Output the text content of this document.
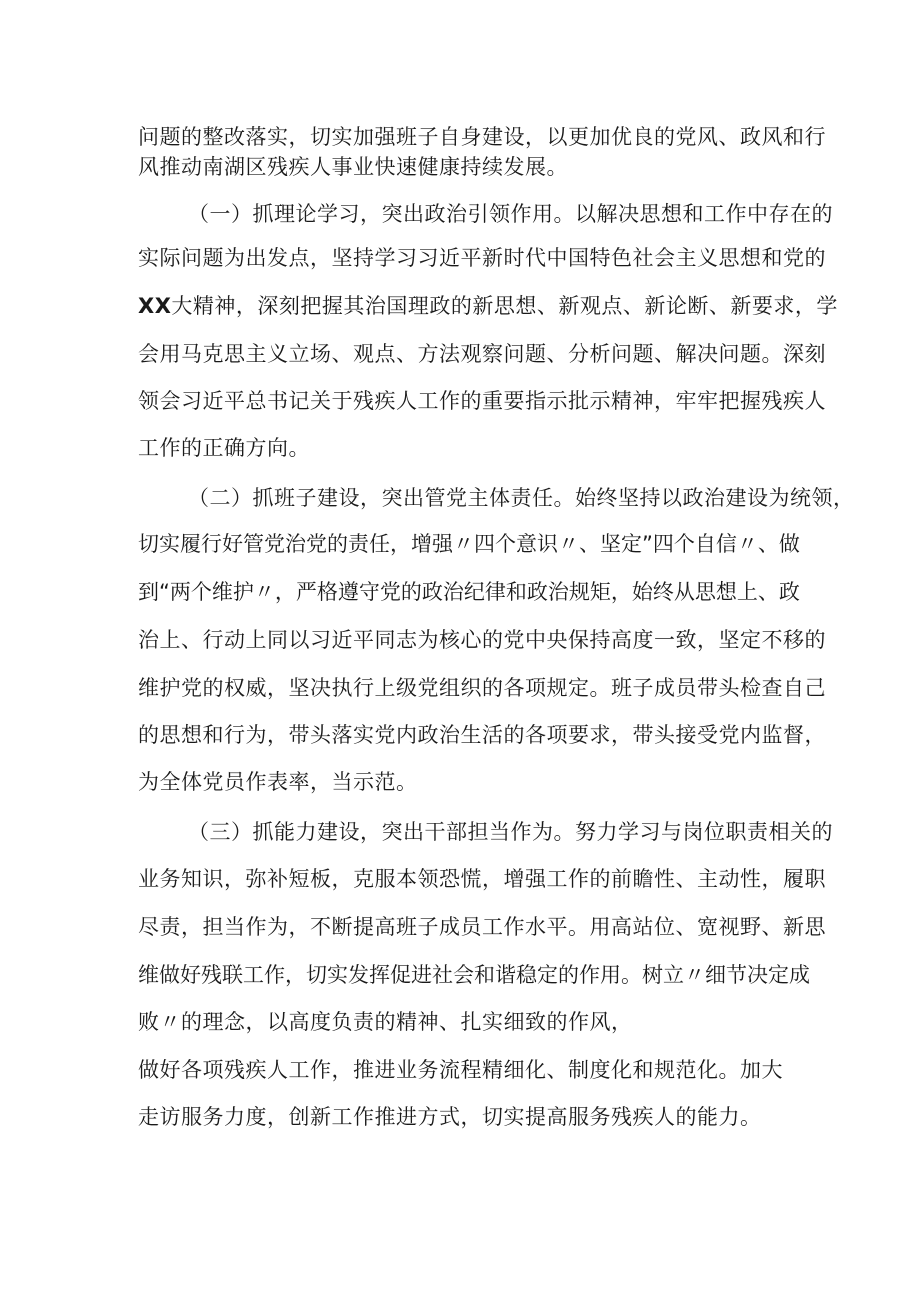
问题的整改落实，切实加强班子自身建设，以更加优良的党风、政风和行
风推动南湖区残疾人事业快速健康持续发展。
（一）抓理论学习，突出政治引领作用。以解决思想和工作中存在的
实际问题为出发点，坚持学习习近平新时代中国特色社会主义思想和党的
XX大精神，深刻把握其治国理政的新思想、新观点、新论断、新要求，学
会用马克思主义立场、观点、方法观察问题、分析问题、解决问题。深刻
领会习近平总书记关于残疾人工作的重要指示批示精神，牢牢把握残疾人
工作的正确方向。
（二）抓班子建设，突出管党主体责任。始终坚持以政治建设为统领，
切实履行好管党治党的责任，增强〃四个意识〃、坚定”四个自信〃、做
到“两个维护〃，严格遵守党的政治纪律和政治规矩，始终从思想上、政
治上、行动上同以习近平同志为核心的党中央保持高度一致，坚定不移的
维护党的权威，坚决执行上级党组织的各项规定。班子成员带头检查自己
的思想和行为，带头落实党内政治生活的各项要求，带头接受党内监督，
为全体党员作表率，当示范。
（三）抓能力建设，突出干部担当作为。努力学习与岗位职责相关的
业务知识，弥补短板，克服本领恐慌，增强工作的前瞻性、主动性，履职
尽责，担当作为，不断提高班子成员工作水平。用高站位、宽视野、新思
维做好残联工作，切实发挥促进社会和谐稳定的作用。树立〃细节决定成
败〃的理念，以高度负责的精神、扎实细致的作风，
做好各项残疾人工作，推进业务流程精细化、制度化和规范化。加大
走访服务力度，创新工作推进方式，切实提高服务残疾人的能力。
